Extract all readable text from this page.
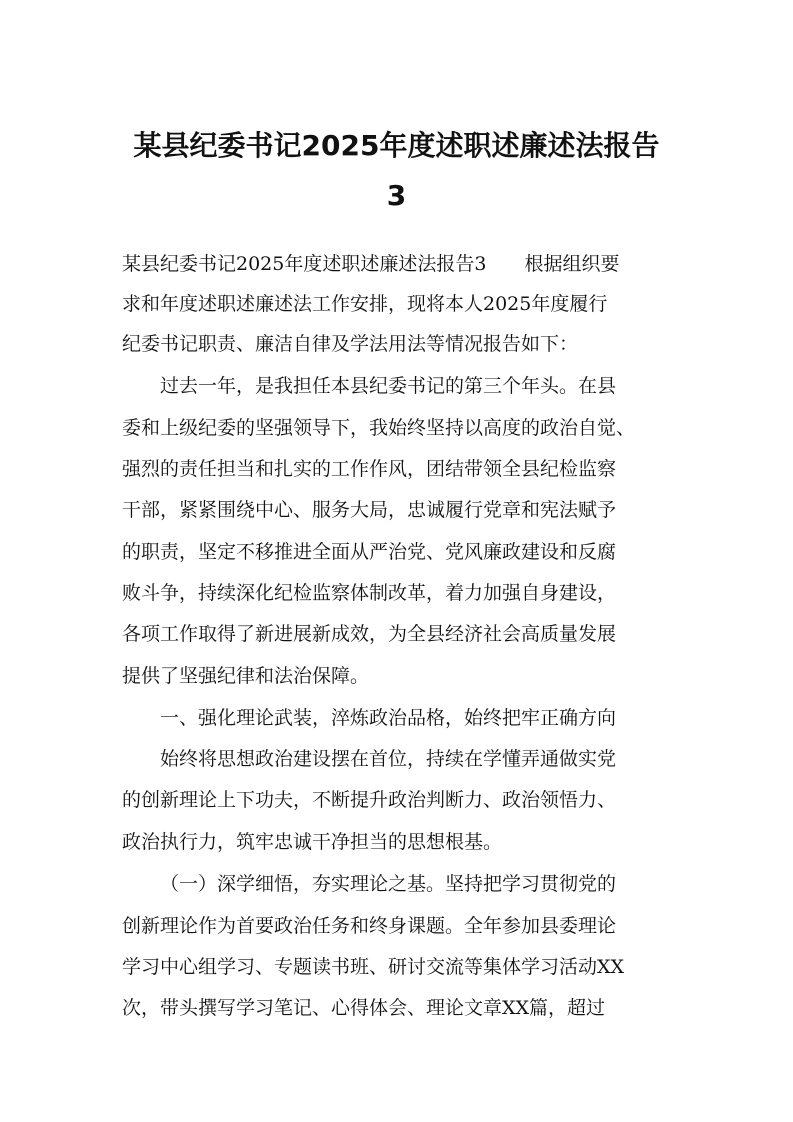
某县纪委书记2025年度述职述廉述法报告
3
某县纪委书记2025年度述职述廉述法报告3　　根据组织要
求和年度述职述廉述法工作安排，现将本人2025年度履行
纪委书记职责、廉洁自律及学法用法等情况报告如下：
过去一年，是我担任本县纪委书记的第三个年头。在县
委和上级纪委的坚强领导下，我始终坚持以高度的政治自觉、
强烈的责任担当和扎实的工作作风，团结带领全县纪检监察
干部，紧紧围绕中心、服务大局，忠诚履行党章和宪法赋予
的职责，坚定不移推进全面从严治党、党风廉政建设和反腐
败斗争，持续深化纪检监察体制改革，着力加强自身建设，
各项工作取得了新进展新成效，为全县经济社会高质量发展
提供了坚强纪律和法治保障。
一、强化理论武装，淬炼政治品格，始终把牢正确方向
始终将思想政治建设摆在首位，持续在学懂弄通做实党
的创新理论上下功夫，不断提升政治判断力、政治领悟力、
政治执行力，筑牢忠诚干净担当的思想根基。
（一）深学细悟，夯实理论之基。坚持把学习贯彻党的
创新理论作为首要政治任务和终身课题。全年参加县委理论
学习中心组学习、专题读书班、研讨交流等集体学习活动XX
次，带头撰写学习笔记、心得体会、理论文章XX篇，超过
